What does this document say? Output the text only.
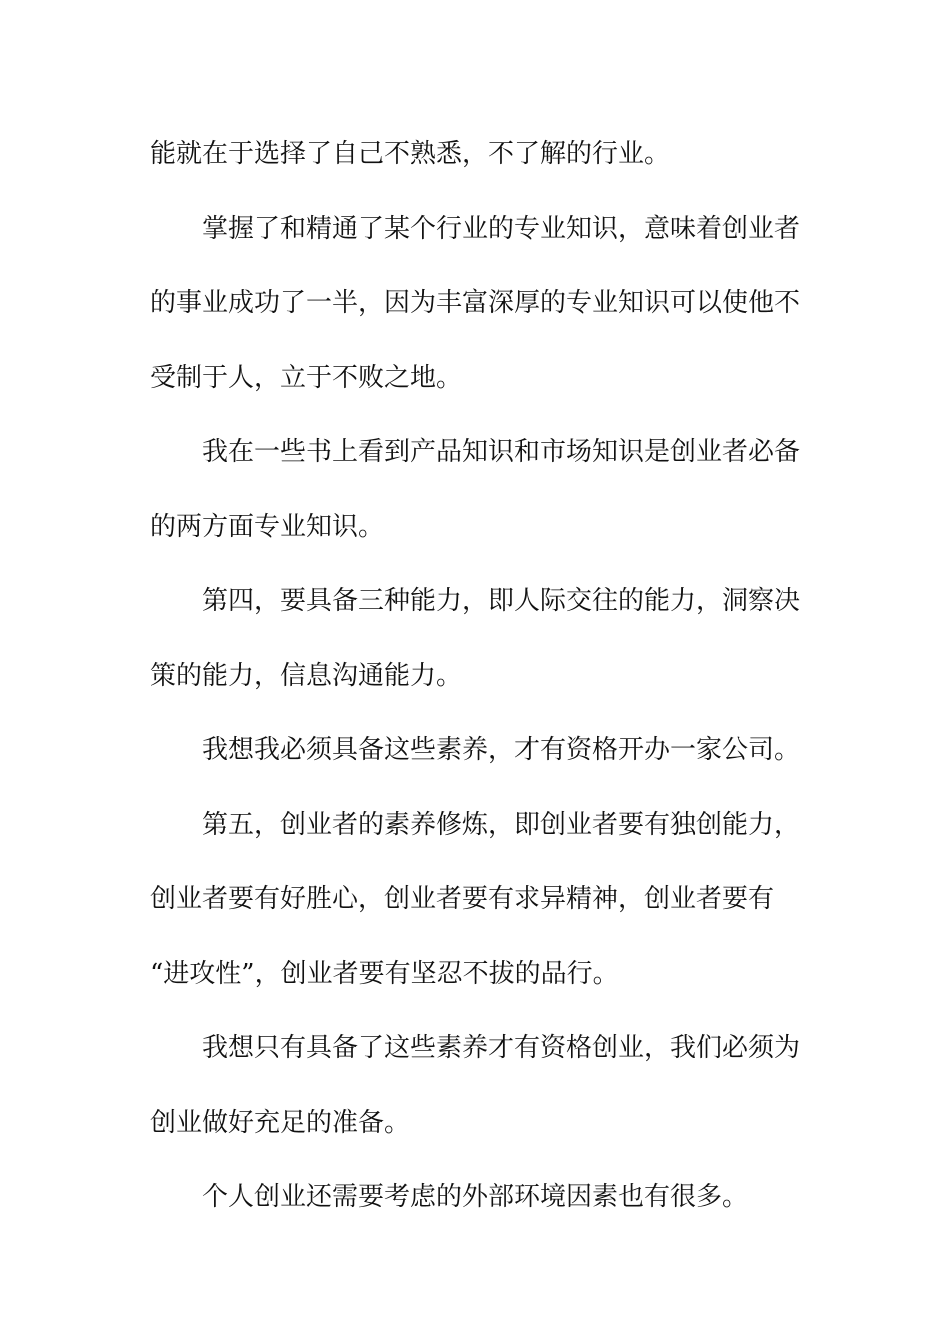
能就在于选择了自己不熟悉，不了解的行业。
掌握了和精通了某个行业的专业知识，意味着创业者
的事业成功了一半，因为丰富深厚的专业知识可以使他不
受制于人，立于不败之地。
我在一些书上看到产品知识和市场知识是创业者必备
的两方面专业知识。
第四，要具备三种能力，即人际交往的能力，洞察决
策的能力，信息沟通能力。
我想我必须具备这些素养，才有资格开办一家公司。
第五，创业者的素养修炼，即创业者要有独创能力，
创业者要有好胜心，创业者要有求异精神，创业者要有
“进攻性”，创业者要有坚忍不拔的品行。
我想只有具备了这些素养才有资格创业，我们必须为
创业做好充足的准备。
个人创业还需要考虑的外部环境因素也有很多。
